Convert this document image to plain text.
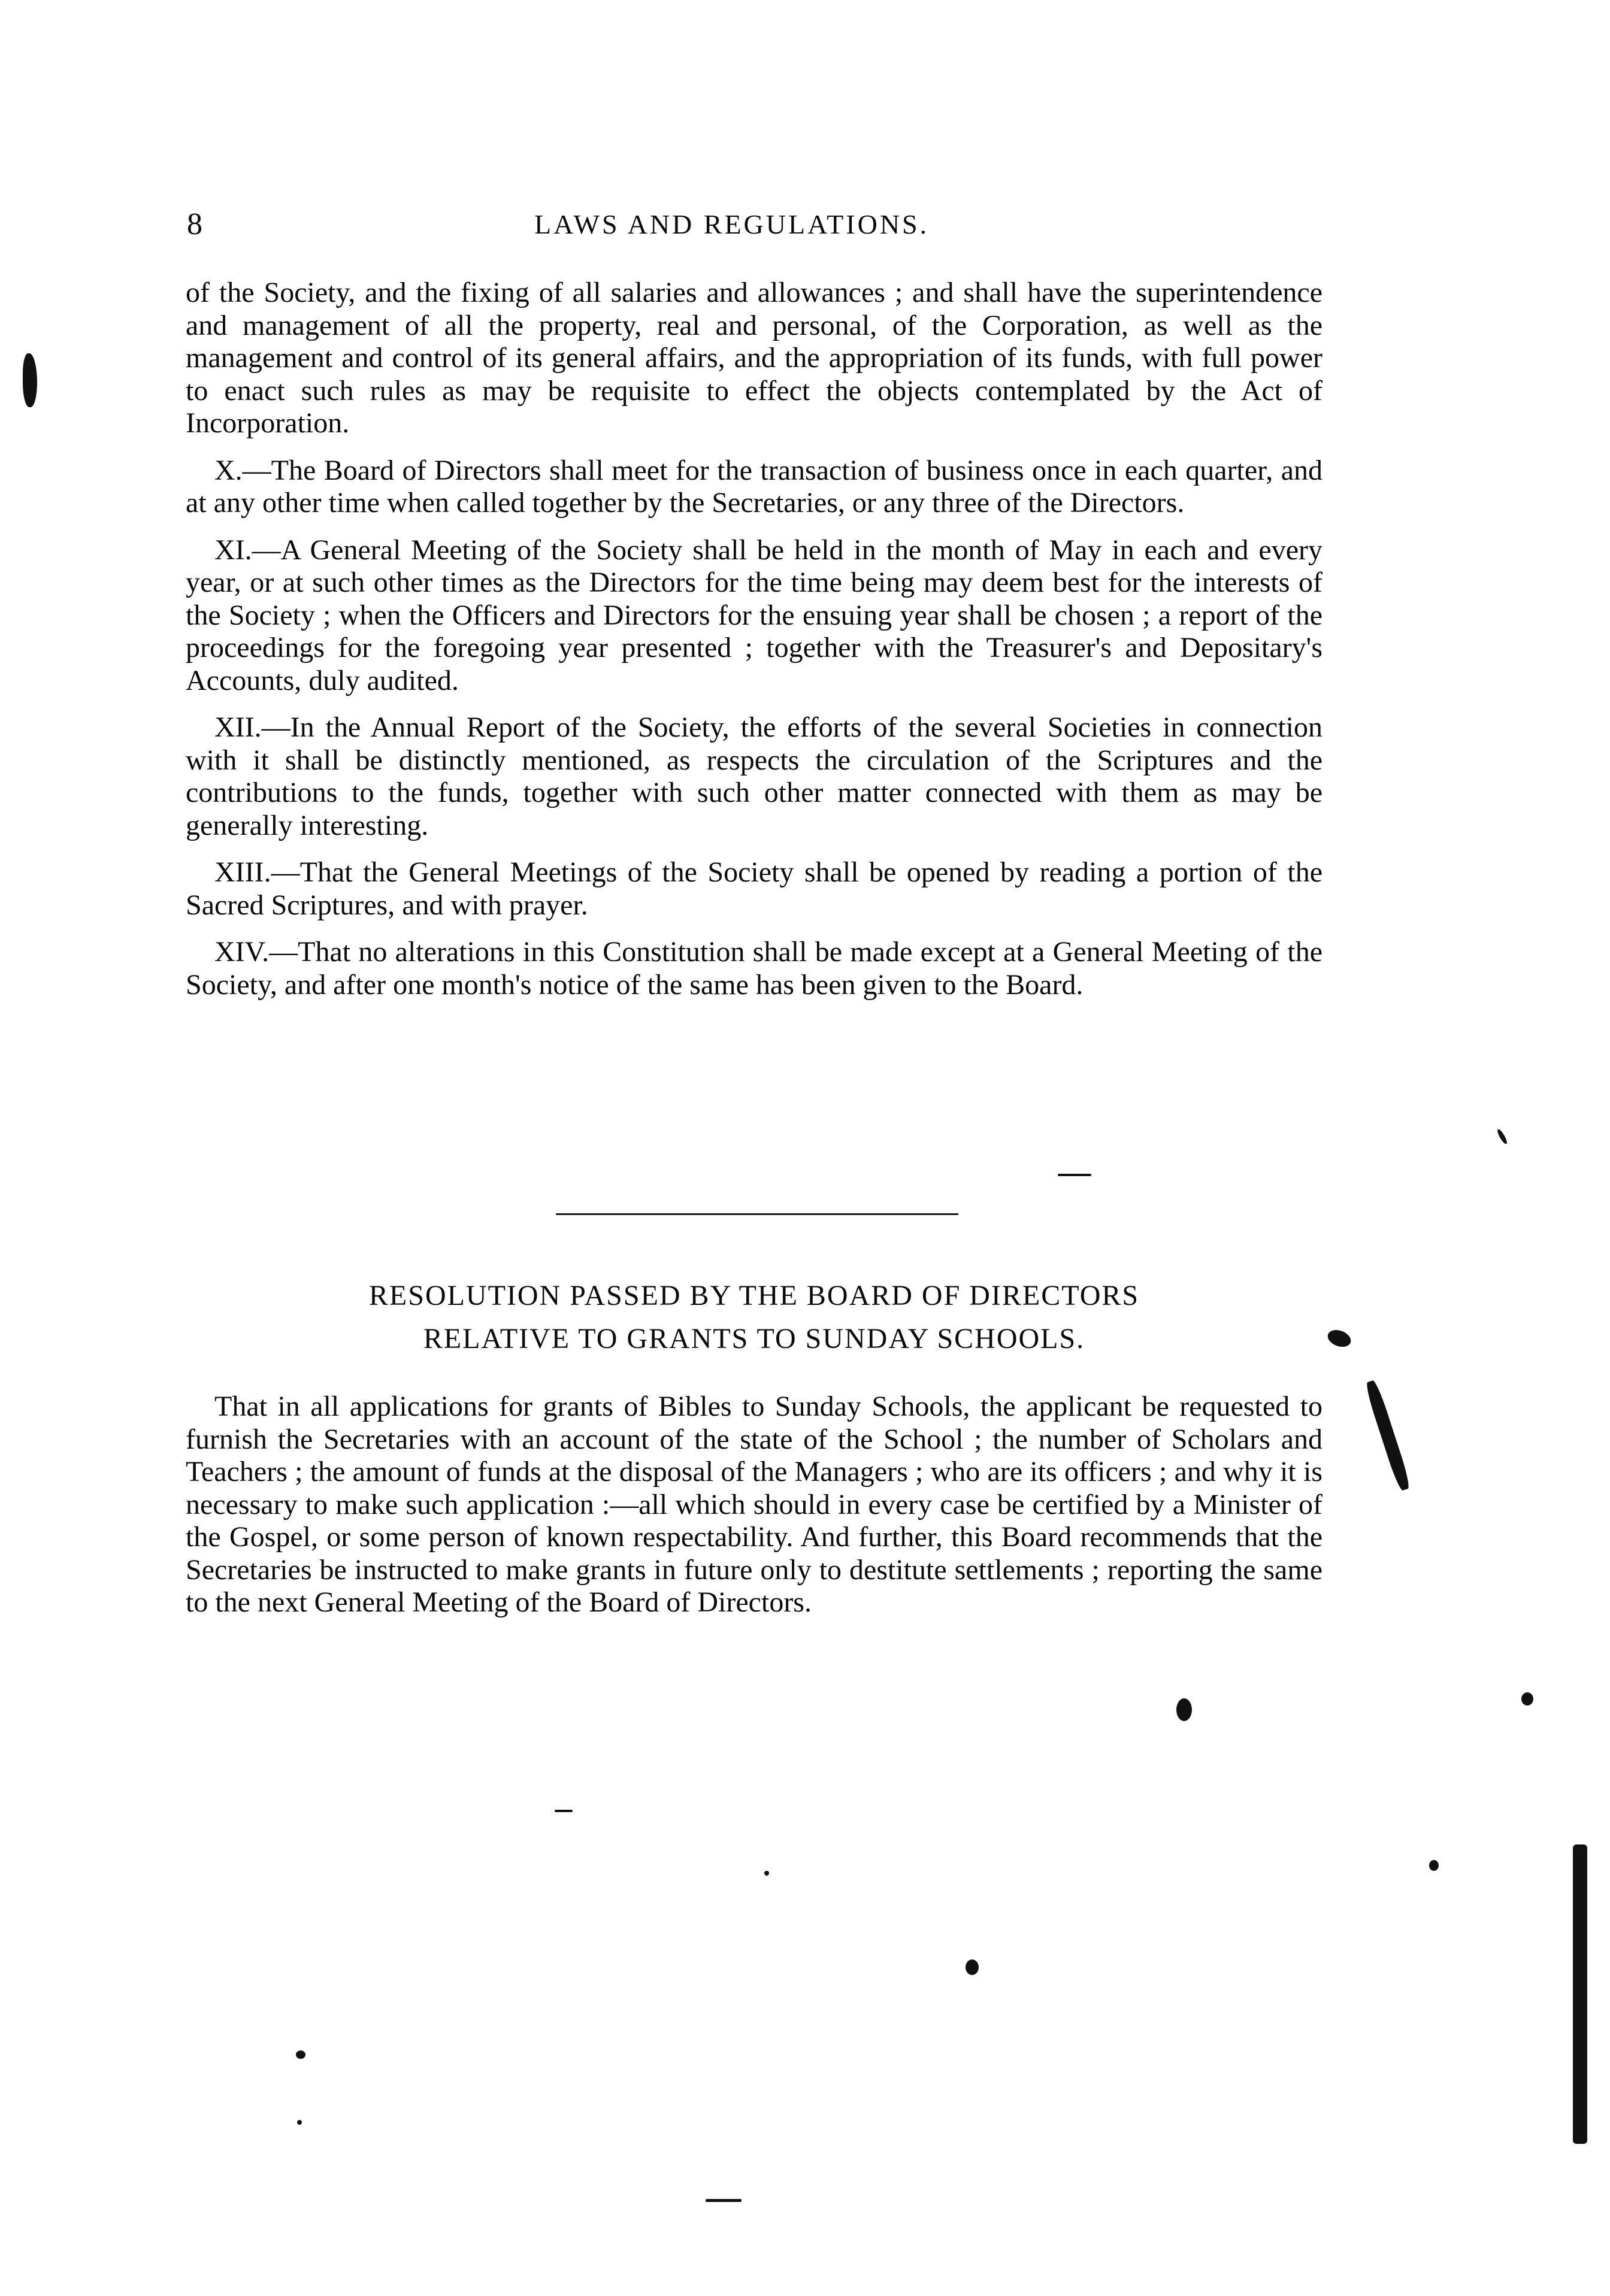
8	LAWS AND REGULATIONS.

of the Society, and the fixing of all salaries and allowances ; and shall have the superintendence and management of all the property, real and personal, of the Corporation, as well as the management and control of its general affairs, and the appropriation of its funds, with full power to enact such rules as may be requisite to effect the objects contemplated by the Act of Incorporation.

X.—The Board of Directors shall meet for the transaction of business once in each quarter, and at any other time when called together by the Secretaries, or any three of the Directors.

XI.—A General Meeting of the Society shall be held in the month of May in each and every year, or at such other times as the Directors for the time being may deem best for the interests of the Society ; when the Officers and Directors for the ensuing year shall be chosen ; a report of the proceedings for the foregoing year presented ; together with the Treasurer's and Depositary's Accounts, duly audited.

XII.—In the Annual Report of the Society, the efforts of the several Societies in connection with it shall be distinctly mentioned, as respects the circulation of the Scriptures and the contributions to the funds, together with such other matter connected with them as may be generally interesting.

XIII.—That the General Meetings of the Society shall be opened by reading a portion of the Sacred Scriptures, and with prayer.

XIV.—That no alterations in this Constitution shall be made except at a General Meeting of the Society, and after one month's notice of the same has been given to the Board.

RESOLUTION PASSED BY THE BOARD OF DIRECTORS
RELATIVE TO GRANTS TO SUNDAY SCHOOLS.

That in all applications for grants of Bibles to Sunday Schools, the applicant be requested to furnish the Secretaries with an account of the state of the School ; the number of Scholars and Teachers ; the amount of funds at the disposal of the Managers ; who are its officers ; and why it is necessary to make such application :—all which should in every case be certified by a Minister of the Gospel, or some person of known respectability. And further, this Board recommends that the Secretaries be instructed to make grants in future only to destitute settlements ; reporting the same to the next General Meeting of the Board of Directors.
